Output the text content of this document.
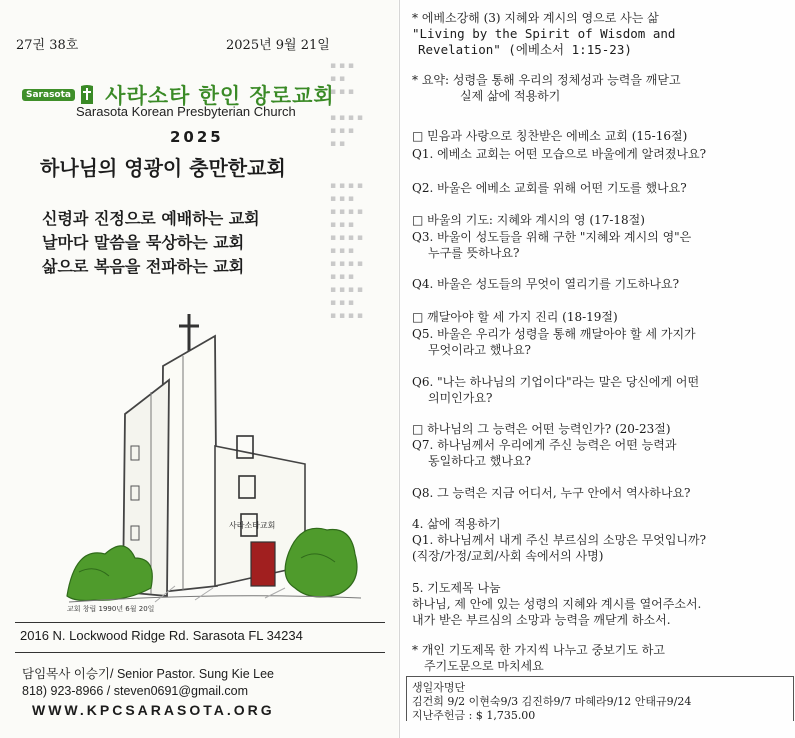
▪ ▪ ▪
▪ ▪
▪ ▪ ▪

▪ ▪ ▪ ▪
▪ ▪ ▪
▪ ▪
▪ ▪ ▪ ▪
▪ ▪ ▪
▪ ▪ ▪ ▪
▪ ▪ ▪
▪ ▪ ▪ ▪
▪ ▪ ▪
▪ ▪ ▪ ▪
▪ ▪ ▪
▪ ▪ ▪ ▪
▪ ▪ ▪
▪ ▪ ▪ ▪
27권 38호	2025년 9월 21일
Sarasota 사라소타 한인 장로교회
Sarasota Korean Presbyterian Church
2025
하나님의 영광이 충만한교회
신령과 진정으로 예배하는 교회
날마다 말씀을 묵상하는 교회
삶으로 복음을 전파하는 교회
사라소타교회
교회 창립 1990년 6월 20일
2016 N. Lockwood Ridge Rd. Sarasota FL 34234
담임목사 이승기/ Senior Pastor. Sung Kie Lee
818) 923-8966 / steven0691@gmail.com
WWW.KPCSARASOTA.ORG
* 에베소강해 (3) 지혜와 계시의 영으로 사는 삶
"Living by the Spirit of Wisdom and
Revelation" (에베소서 1:15-23)
* 요약: 성령을 통해 우리의 정체성과 능력을 깨닫고
실제 삶에 적용하기
□ 믿음과 사랑으로 칭찬받은 에베소 교회 (15-16절)
Q1. 에베소 교회는 어떤 모습으로 바울에게 알려졌나요?
Q2. 바울은 에베소 교회를 위해 어떤 기도를 했나요?
□ 바울의 기도: 지혜와 계시의 영 (17-18절)
Q3. 바울이 성도들을 위해 구한 "지혜와 계시의 영"은
누구를 뜻하나요?
Q4. 바울은 성도들의 무엇이 열리기를 기도하나요?
□ 깨달아야 할 세 가지 진리 (18-19절)
Q5. 바울은 우리가 성령을 통해 깨달아야 할 세 가지가
무엇이라고 했나요?
Q6. "나는 하나님의 기업이다"라는 말은 당신에게 어떤
의미인가요?
□ 하나님의 그 능력은 어떤 능력인가? (20-23절)
Q7. 하나님께서 우리에게 주신 능력은 어떤 능력과
동일하다고 했나요?
Q8. 그 능력은 지금 어디서, 누구 안에서 역사하나요?
4. 삶에 적용하기
Q1. 하나님께서 내게 주신 부르심의 소망은 무엇입니까?
(직장/가정/교회/사회 속에서의 사명)
5. 기도제목 나눔
하나님, 제 안에 있는 성령의 지혜와 계시를 열어주소서.
내가 받은 부르심의 소망과 능력을 깨닫게 하소서.
* 개인 기도제목 한 가지씩 나누고 중보기도 하고
주기도문으로 마치세요
생일자명단
김건희 9/2 이현숙9/3 김진하9/7 마혜라9/12 안태규9/24
지난주헌금 : $ 1,735.00
